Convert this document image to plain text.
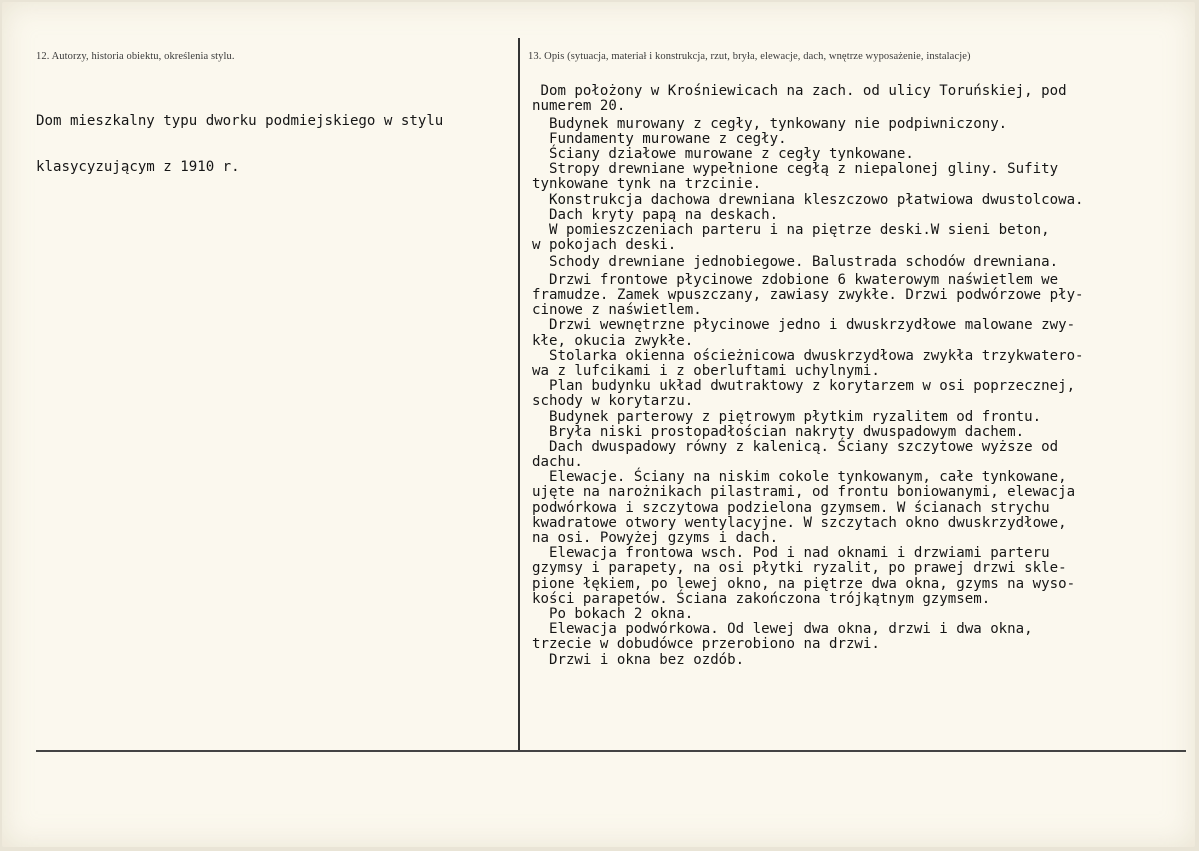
12. Autorzy, historia obiektu, określenia stylu.	13. Opis (sytuacja, materiał i konstrukcja, rzut, bryła, elewacje, dach, wnętrze wyposażenie, instalacje)

Dom mieszkalny typu dworku podmiejskiego w stylu

klasycyzującym z 1910 r.

Dom położony w Krośniewicach na zach. od ulicy Toruńskiej, pod
numerem 20.
Budynek murowany z cegły, tynkowany nie podpiwniczony.
Fundamenty murowane z cegły.
Ściany działowe murowane z cegły tynkowane.
Stropy drewniane wypełnione cegłą z niepalonej gliny. Sufity
tynkowane tynk na trzcinie.
Konstrukcja dachowa drewniana kleszczowo płatwiowa dwustolcowa.
Dach kryty papą na deskach.
W pomieszczeniach parteru i na piętrze deski.W sieni beton,
w pokojach deski.
Schody drewniane jednobiegowe. Balustrada schodów drewniana.
Drzwi frontowe płycinowe zdobione 6 kwaterowym naświetlem we
framudze. Zamek wpuszczany, zawiasy zwykłe. Drzwi podwórzowe pły-
cinowe z naświetlem.
Drzwi wewnętrzne płycinowe jedno i dwuskrzydłowe malowane zwy-
kłe, okucia zwykłe.
Stolarka okienna ościeżnicowa dwuskrzydłowa zwykła trzykwatero-
wa z lufcikami i z oberluftami uchylnymi.
Plan budynku układ dwutraktowy z korytarzem w osi poprzecznej,
schody w korytarzu.
Budynek parterowy z piętrowym płytkim ryzalitem od frontu.
Bryła niski prostopadłościan nakryty dwuspadowym dachem.
Dach dwuspadowy równy z kalenicą. Ściany szczytowe wyższe od
dachu.
Elewacje. Ściany na niskim cokole tynkowanym, całe tynkowane,
ujęte na narożnikach pilastrami, od frontu boniowanymi, elewacja
podwórkowa i szczytowa podzielona gzymsem. W ścianach strychu
kwadratowe otwory wentylacyjne. W szczytach okno dwuskrzydłowe,
na osi. Powyżej gzyms i dach.
Elewacja frontowa wsch. Pod i nad oknami i drzwiami parteru
gzymsy i parapety, na osi płytki ryzalit, po prawej drzwi skle-
pione łękiem, po lewej okno, na piętrze dwa okna, gzyms na wyso-
kości parapetów. Ściana zakończona trójkątnym gzymsem.
Po bokach 2 okna.
Elewacja podwórkowa. Od lewej dwa okna, drzwi i dwa okna,
trzecie w dobudówce przerobiono na drzwi.
Drzwi i okna bez ozdób.
